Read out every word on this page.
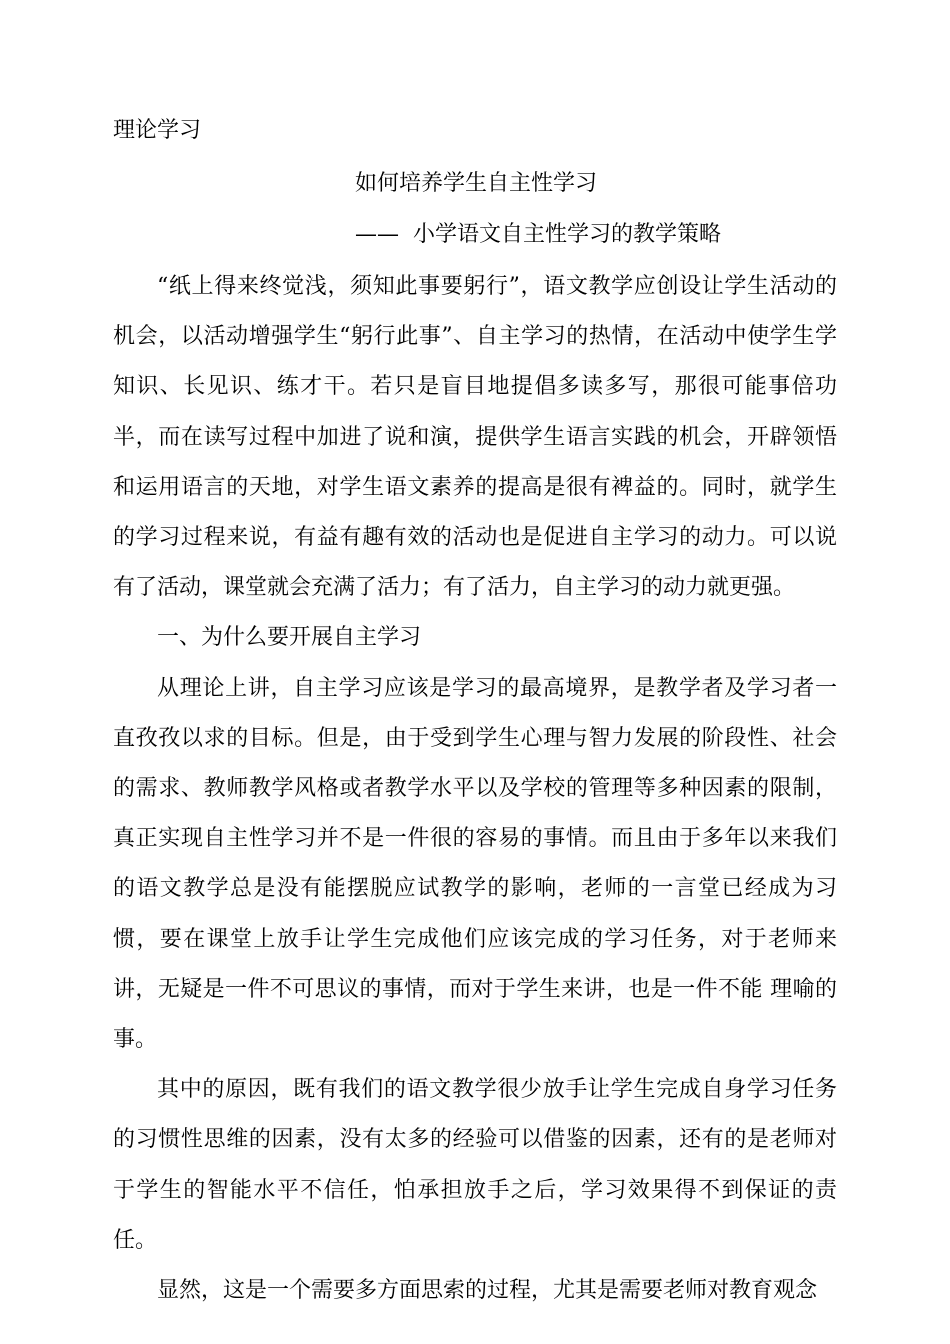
理论学习
如何培养学生自主性学习
——  小学语文自主性学习的教学策略

“纸上得来终觉浅，须知此事要躬行”，语文教学应创设让学生活动的机会，以活动增强学生“躬行此事”、自主学习的热情，在活动中使学生学知识、长见识、练才干。若只是盲目地提倡多读多写，那很可能事倍功半，而在读写过程中加进了说和演，提供学生语言实践的机会，开辟领悟和运用语言的天地，对学生语文素养的提高是很有裨益的。同时，就学生的学习过程来说，有益有趣有效的活动也是促进自主学习的动力。可以说有了活动，课堂就会充满了活力；有了活力，自主学习的动力就更强。

一、为什么要开展自主学习

从理论上讲，自主学习应该是学习的最高境界，是教学者及学习者一直孜孜以求的目标。但是，由于受到学生心理与智力发展的阶段性、社会的需求、教师教学风格或者教学水平以及学校的管理等多种因素的限制，真正实现自主性学习并不是一件很的容易的事情。而且由于多年以来我们的语文教学总是没有能摆脱应试教学的影响，老师的一言堂已经成为习惯，要在课堂上放手让学生完成他们应该完成的学习任务，对于老师来讲，无疑是一件不可思议的事情，而对于学生来讲，也是一件不能 理喻的事。

其中的原因，既有我们的语文教学很少放手让学生完成自身学习任务的习惯性思维的因素，没有太多的经验可以借鉴的因素，还有的是老师对于学生的智能水平不信任，怕承担放手之后，学习效果得不到保证的责任。

显然，这是一个需要多方面思索的过程，尤其是需要老师对教育观念
